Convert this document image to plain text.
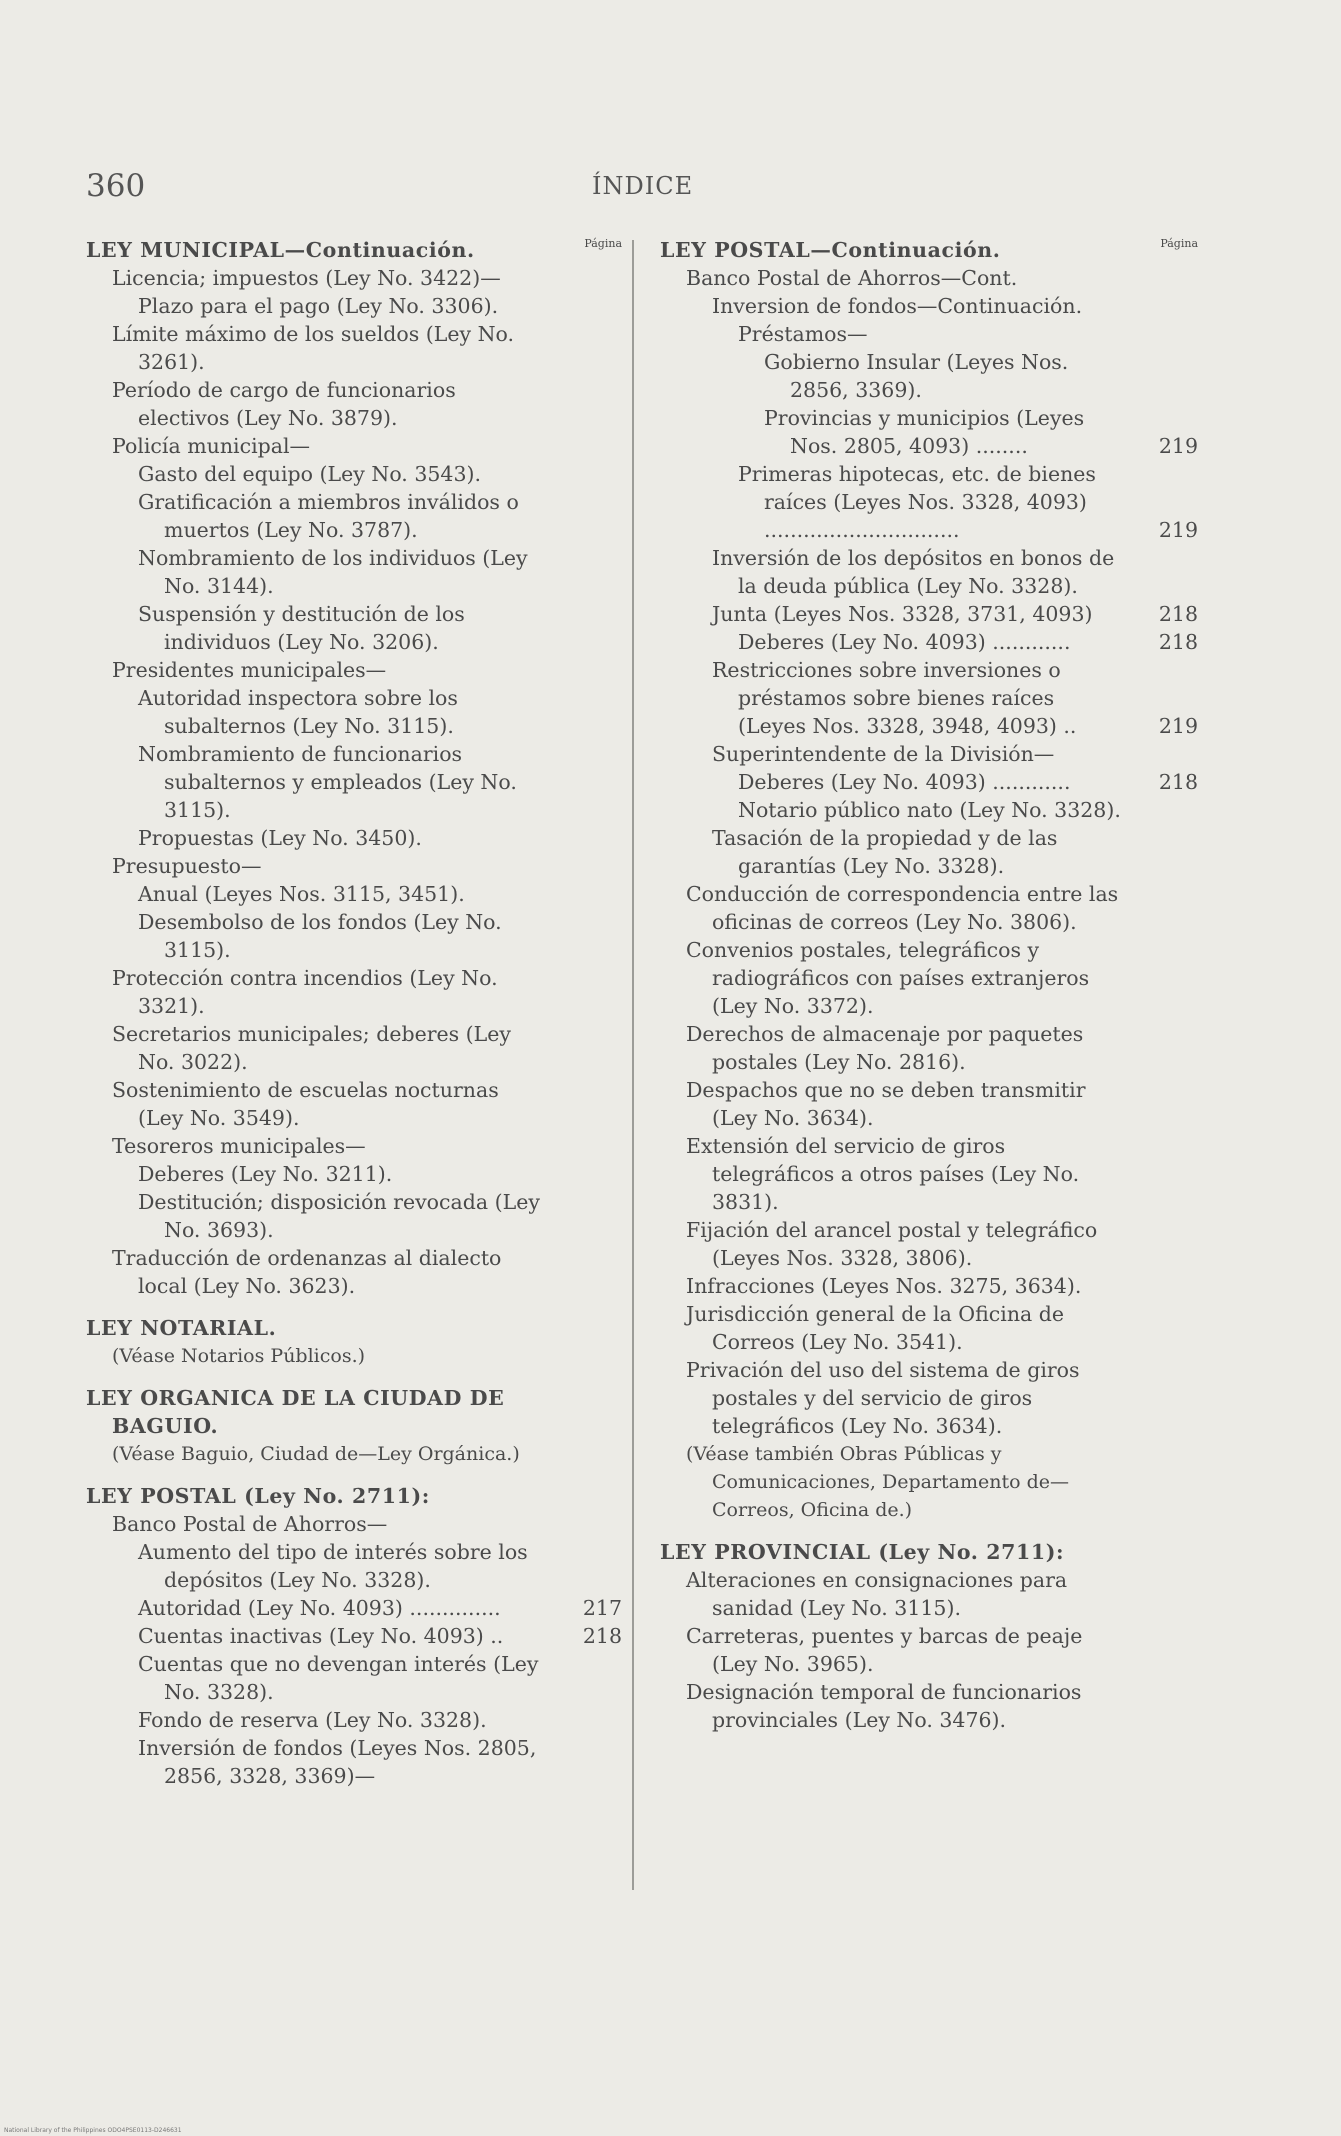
360	ÍNDICE
LEY MUNICIPAL—Continuación.	Página
Licencia; impuestos (Ley No. 3422)—
Plazo para el pago (Ley No. 3306).
Límite máximo de los sueldos (Ley No. 3261).
Período de cargo de funcionarios electivos (Ley No. 3879).
Policía municipal—
Gasto del equipo (Ley No. 3543).
Gratificación a miembros inválidos o muertos (Ley No. 3787).
Nombramiento de los individuos (Ley No. 3144).
Suspensión y destitución de los individuos (Ley No. 3206).
Presidentes municipales—
Autoridad inspectora sobre los subalternos (Ley No. 3115).
Nombramiento de funcionarios subalternos y empleados (Ley No. 3115).
Propuestas (Ley No. 3450).
Presupuesto—
Anual (Leyes Nos. 3115, 3451).
Desembolso de los fondos (Ley No. 3115).
Protección contra incendios (Ley No. 3321).
Secretarios municipales; deberes (Ley No. 3022).
Sostenimiento de escuelas nocturnas (Ley No. 3549).
Tesoreros municipales—
Deberes (Ley No. 3211).
Destitución; disposición revocada (Ley No. 3693).
Traducción de ordenanzas al dialecto local (Ley No. 3623).
LEY NOTARIAL.
(Véase Notarios Públicos.)
LEY ORGANICA DE LA CIUDAD DE BAGUIO.
(Véase Baguio, Ciudad de—Ley Orgánica.)
LEY POSTAL (Ley No. 2711):
Banco Postal de Ahorros—
Aumento del tipo de interés sobre los depósitos (Ley No. 3328).
Autoridad (Ley No. 4093) ..............	217
Cuentas inactivas (Ley No. 4093) ..	218
Cuentas que no devengan interés (Ley No. 3328).
Fondo de reserva (Ley No. 3328).
Inversión de fondos (Leyes Nos. 2805, 2856, 3328, 3369)—
LEY POSTAL—Continuación.	Página
Banco Postal de Ahorros—Cont.
Inversion de fondos—Continuación.
Préstamos—
Gobierno Insular (Leyes Nos. 2856, 3369).
Provincias y municipios (Leyes Nos. 2805, 4093) ........	219
Primeras hipotecas, etc. de bienes raíces (Leyes Nos. 3328, 4093) ..............................	219
Inversión de los depósitos en bonos de la deuda pública (Ley No. 3328).
Junta (Leyes Nos. 3328, 3731, 4093)	218
Deberes (Ley No. 4093) ............	218
Restricciones sobre inversiones o préstamos sobre bienes raíces (Leyes Nos. 3328, 3948, 4093) ..	219
Superintendente de la División—
Deberes (Ley No. 4093) ............	218
Notario público nato (Ley No. 3328).
Tasación de la propiedad y de las garantías (Ley No. 3328).
Conducción de correspondencia entre las oficinas de correos (Ley No. 3806).
Convenios postales, telegráficos y radiográficos con países extranjeros (Ley No. 3372).
Derechos de almacenaje por paquetes postales (Ley No. 2816).
Despachos que no se deben transmitir (Ley No. 3634).
Extensión del servicio de giros telegráficos a otros países (Ley No. 3831).
Fijación del arancel postal y telegráfico (Leyes Nos. 3328, 3806).
Infracciones (Leyes Nos. 3275, 3634).
Jurisdicción general de la Oficina de Correos (Ley No. 3541).
Privación del uso del sistema de giros postales y del servicio de giros telegráficos (Ley No. 3634).
(Véase también Obras Públicas y Comunicaciones, Departamento de—Correos, Oficina de.)
LEY PROVINCIAL (Ley No. 2711):
Alteraciones en consignaciones para sanidad (Ley No. 3115).
Carreteras, puentes y barcas de peaje (Ley No. 3965).
Designación temporal de funcionarios provinciales (Ley No. 3476).
National Library of the Philippines ODO4PSE0113-D246631
